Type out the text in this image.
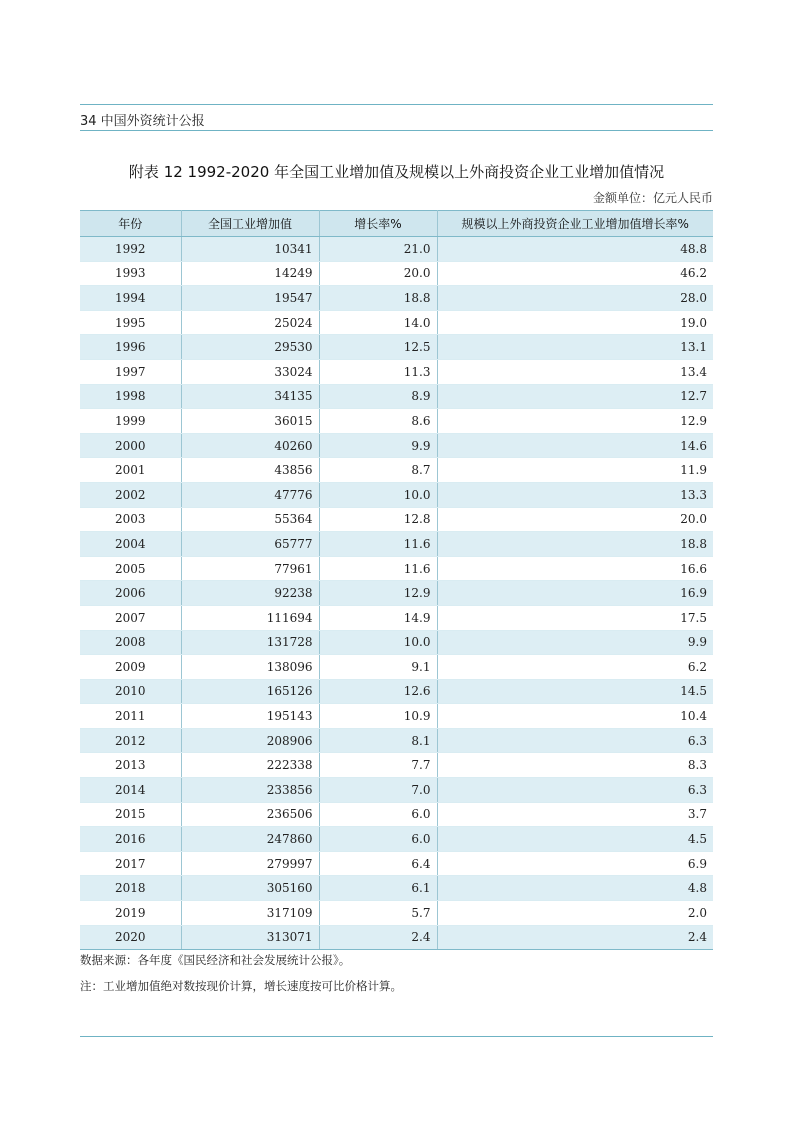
34 中国外资统计公报
附表 12 1992-2020 年全国工业增加值及规模以上外商投资企业工业增加值情况
金额单位：亿元人民币
年份	全国工业增加值	增长率%	规模以上外商投资企业工业增加值增长率%
1992	10341	21.0	48.8
1993	14249	20.0	46.2
1994	19547	18.8	28.0
1995	25024	14.0	19.0
1996	29530	12.5	13.1
1997	33024	11.3	13.4
1998	34135	8.9	12.7
1999	36015	8.6	12.9
2000	40260	9.9	14.6
2001	43856	8.7	11.9
2002	47776	10.0	13.3
2003	55364	12.8	20.0
2004	65777	11.6	18.8
2005	77961	11.6	16.6
2006	92238	12.9	16.9
2007	111694	14.9	17.5
2008	131728	10.0	9.9
2009	138096	9.1	6.2
2010	165126	12.6	14.5
2011	195143	10.9	10.4
2012	208906	8.1	6.3
2013	222338	7.7	8.3
2014	233856	7.0	6.3
2015	236506	6.0	3.7
2016	247860	6.0	4.5
2017	279997	6.4	6.9
2018	305160	6.1	4.8
2019	317109	5.7	2.0
2020	313071	2.4	2.4
数据来源：各年度《国民经济和社会发展统计公报》。
注：工业增加值绝对数按现价计算，增长速度按可比价格计算。
